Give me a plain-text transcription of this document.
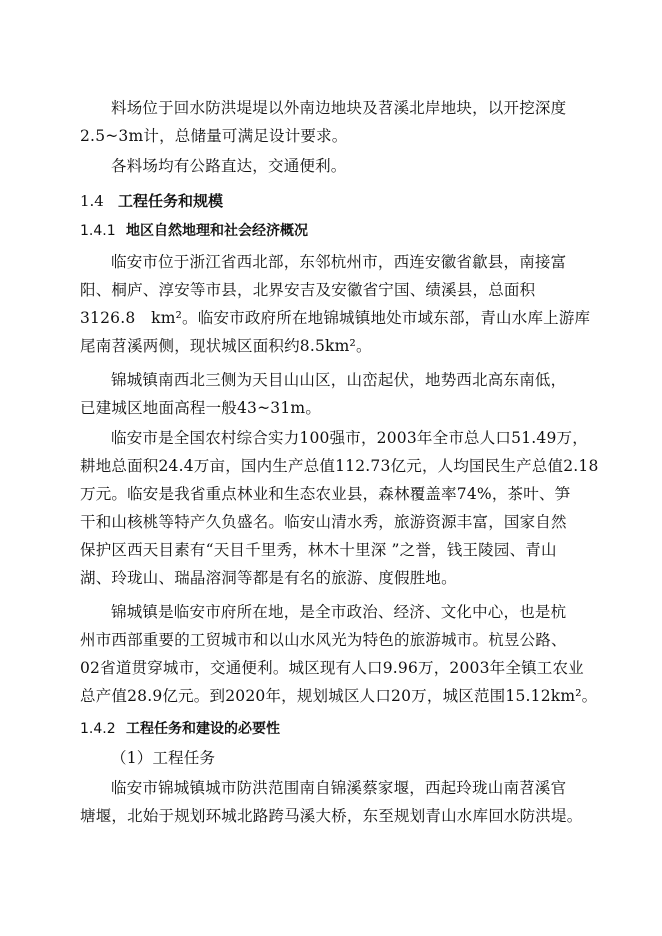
料场位于回水防洪堤堤以外南边地块及苕溪北岸地块，以开挖深度
2.5~3m计，总储量可满足设计要求。

各料场均有公路直达，交通便利。

1.4 工程任务和规模
1.4.1 地区自然地理和社会经济概况

临安市位于浙江省西北部，东邻杭州市，西连安徽省歙县，南接富
阳、桐庐、淳安等市县，北界安吉及安徽省宁国、绩溪县，总面积
3126.8　km²。临安市政府所在地锦城镇地处市域东部，青山水库上游库
尾南苕溪两侧，现状城区面积约8.5km²。

锦城镇南西北三侧为天目山山区，山峦起伏，地势西北高东南低，
已建城区地面高程一般43~31m。

临安市是全国农村综合实力100强市，2003年全市总人口51.49万，
耕地总面积24.4万亩，国内生产总值112.73亿元，人均国民生产总值2.18
万元。临安是我省重点林业和生态农业县，森林覆盖率74%，茶叶、笋
干和山核桃等特产久负盛名。临安山清水秀，旅游资源丰富，国家自然
保护区西天目素有“天目千里秀，林木十里深 ”之誉，钱王陵园、青山
湖、玲珑山、瑞晶溶洞等都是有名的旅游、度假胜地。

锦城镇是临安市府所在地，是全市政治、经济、文化中心，也是杭
州市西部重要的工贸城市和以山水风光为特色的旅游城市。杭昱公路、
02省道贯穿城市，交通便利。城区现有人口9.96万，2003年全镇工农业
总产值28.9亿元。到2020年，规划城区人口20万，城区范围15.12km²。

1.4.2 工程任务和建设的必要性

（1）工程任务

临安市锦城镇城市防洪范围南自锦溪蔡家堰，西起玲珑山南苕溪官
塘堰，北始于规划环城北路跨马溪大桥，东至规划青山水库回水防洪堤。
